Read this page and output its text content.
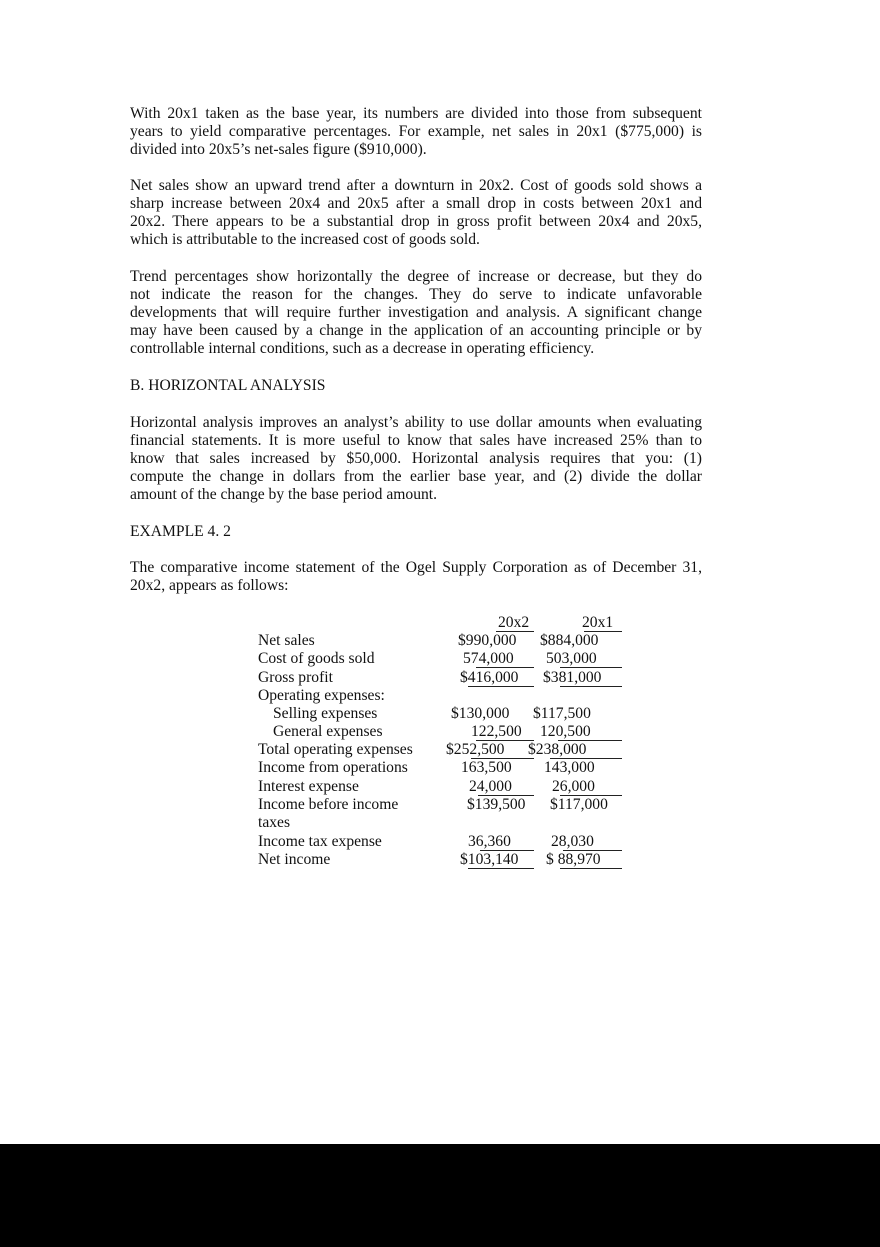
With 20x1 taken as the base year, its numbers are divided into those from subsequent
years to yield comparative percentages. For example, net sales in 20x1 ($775,000) is
divided into 20x5’s net-sales figure ($910,000).
Net sales show an upward trend after a downturn in 20x2. Cost of goods sold shows a
sharp increase between 20x4 and 20x5 after a small drop in costs between 20x1 and
20x2. There appears to be a substantial drop in gross profit between 20x4 and 20x5,
which is attributable to the increased cost of goods sold.
Trend percentages show horizontally the degree of increase or decrease, but they do
not indicate the reason for the changes. They do serve to indicate unfavorable
developments that will require further investigation and analysis. A significant change
may have been caused by a change in the application of an accounting principle or by
controllable internal conditions, such as a decrease in operating efficiency.
B. HORIZONTAL ANALYSIS
Horizontal analysis improves an analyst’s ability to use dollar amounts when evaluating
financial statements. It is more useful to know that sales have increased 25% than to
know that sales increased by $50,000. Horizontal analysis requires that you: (1)
compute the change in dollars from the earlier base year, and (2) divide the dollar
amount of the change by the base period amount.
EXAMPLE 4. 2
The comparative income statement of the Ogel Supply Corporation as of December 31,
20x2, appears as follows:
20x2	20x1
Net sales	$990,000 $884,000
Cost of goods sold	574,000 503,000
Gross profit	$416,000 $381,000
Operating expenses:
Selling expenses	$130,000 $117,500
General expenses	122,500 120,500
Total operating expenses $252,500 $238,000
Income from operations	163,500 143,000
Interest expense	24,000	26,000
Income before income
taxes
$139,500 $117,000
Income tax expense	36,360	28,030
Net income	$103,140 $ 88,970
